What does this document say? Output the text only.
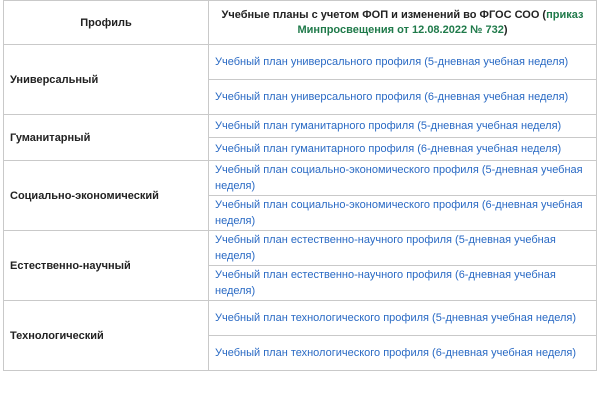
Профиль	Учебные планы с учетом ФОП и изменений во ФГОС СОО (приказ Минпросвещения от 12.08.2022 № 732)
Универсальный	Учебный план универсального профиля (5-дневная учебная неделя)
	Учебный план универсального профиля (6-дневная учебная неделя)
Гуманитарный	Учебный план гуманитарного профиля (5-дневная учебная неделя)
	Учебный план гуманитарного профиля (6-дневная учебная неделя)
Социально-экономический	Учебный план социально-экономического профиля (5-дневная учебная неделя)
	Учебный план социально-экономического профиля (6-дневная учебная неделя)
Естественно-научный	Учебный план естественно-научного профиля (5-дневная учебная неделя)
	Учебный план естественно-научного профиля (6-дневная учебная неделя)
Технологический	Учебный план технологического профиля (5-дневная учебная неделя)
	Учебный план технологического профиля (6-дневная учебная неделя)
